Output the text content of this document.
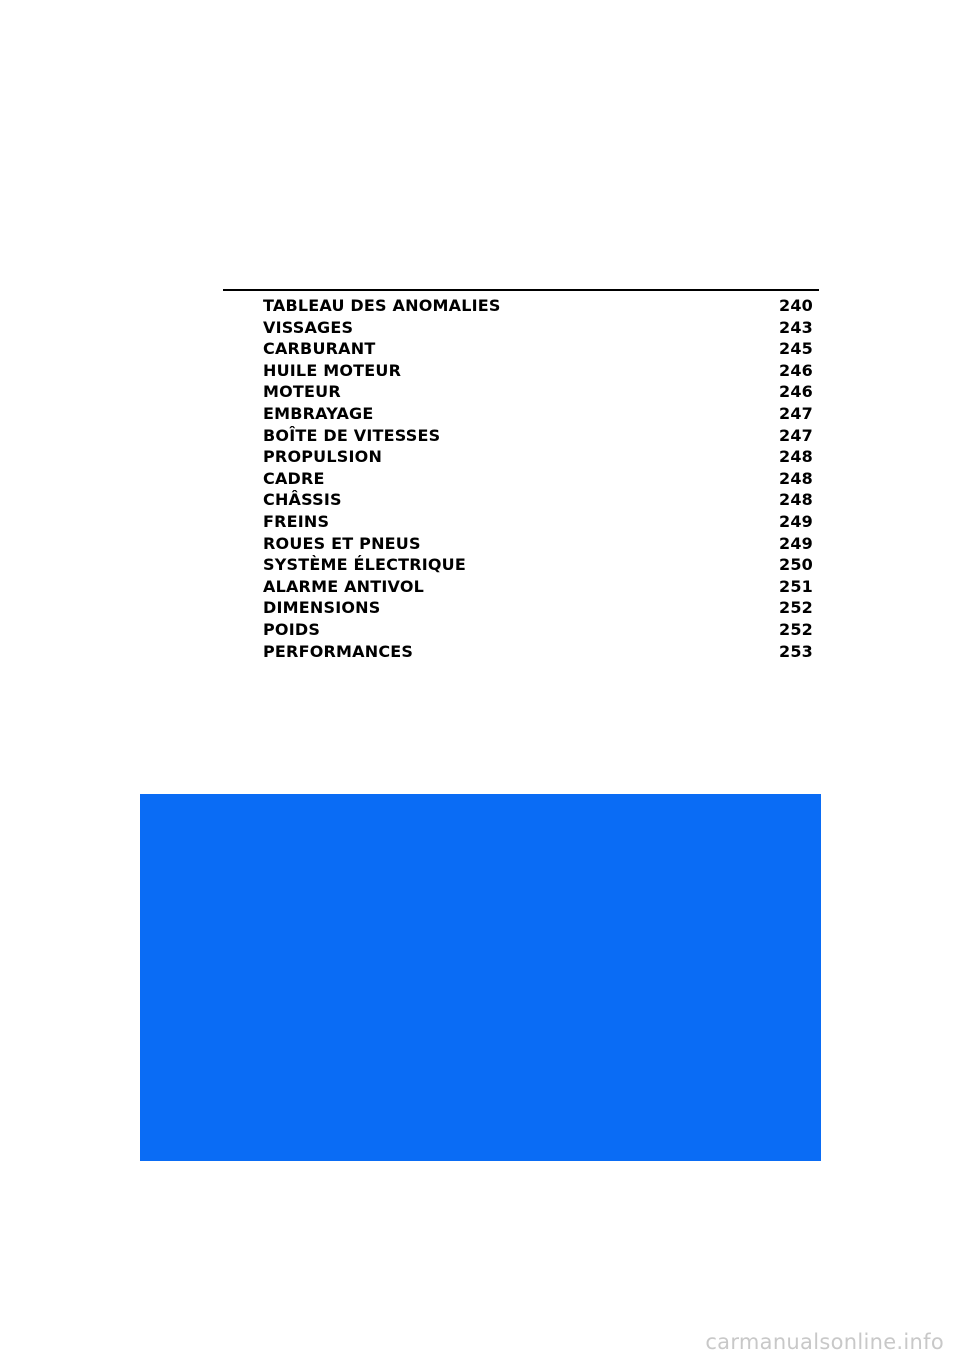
TABLEAU DES ANOMALIES	240
VISSAGES	243
CARBURANT	245
HUILE MOTEUR	246
MOTEUR	246
EMBRAYAGE	247
BOÎTE DE VITESSES	247
PROPULSION	248
CADRE	248
CHÂSSIS	248
FREINS	249
ROUES ET PNEUS	249
SYSTÈME ÉLECTRIQUE	250
ALARME ANTIVOL	251
DIMENSIONS	252
POIDS	252
PERFORMANCES	253
carmanualsonline.info
